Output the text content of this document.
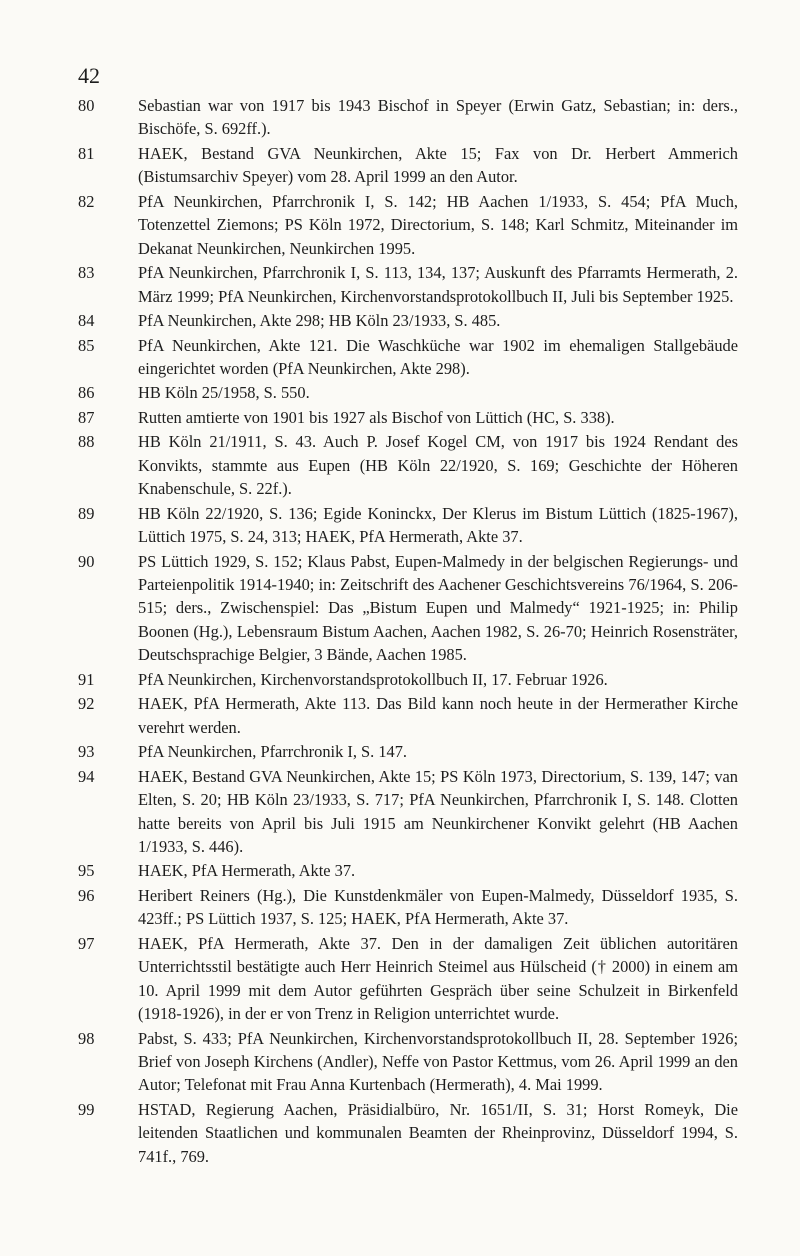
42
80	Sebastian war von 1917 bis 1943 Bischof in Speyer (Erwin Gatz, Sebastian; in: ders., Bischöfe, S. 692ff.).
81	HAEK, Bestand GVA Neunkirchen, Akte 15; Fax von Dr. Herbert Ammerich (Bistumsarchiv Speyer) vom 28. April 1999 an den Autor.
82	PfA Neunkirchen, Pfarrchronik I, S. 142; HB Aachen 1/1933, S. 454; PfA Much, Totenzettel Ziemons; PS Köln 1972, Directorium, S. 148; Karl Schmitz, Miteinander im Dekanat Neunkirchen, Neunkirchen 1995.
83	PfA Neunkirchen, Pfarrchronik I, S. 113, 134, 137; Auskunft des Pfarramts Hermerath, 2. März 1999; PfA Neunkirchen, Kirchenvorstandsprotokollbuch II, Juli bis September 1925.
84	PfA Neunkirchen, Akte 298; HB Köln 23/1933, S. 485.
85	PfA Neunkirchen, Akte 121. Die Waschküche war 1902 im ehemaligen Stallgebäude eingerichtet worden (PfA Neunkirchen, Akte 298).
86	HB Köln 25/1958, S. 550.
87	Rutten amtierte von 1901 bis 1927 als Bischof von Lüttich (HC, S. 338).
88	HB Köln 21/1911, S. 43. Auch P. Josef Kogel CM, von 1917 bis 1924 Rendant des Konvikts, stammte aus Eupen (HB Köln 22/1920, S. 169; Geschichte der Höheren Knabenschule, S. 22f.).
89	HB Köln 22/1920, S. 136; Egide Koninckx, Der Klerus im Bistum Lüttich (1825-1967), Lüttich 1975, S. 24, 313; HAEK, PfA Hermerath, Akte 37.
90	PS Lüttich 1929, S. 152; Klaus Pabst, Eupen-Malmedy in der belgischen Regierungs- und Parteienpolitik 1914-1940; in: Zeitschrift des Aachener Geschichtsvereins 76/1964, S. 206-515; ders., Zwischenspiel: Das „Bistum Eupen und Malmedy“ 1921-1925; in: Philip Boonen (Hg.), Lebensraum Bistum Aachen, Aachen 1982, S. 26-70; Heinrich Rosensträter, Deutschsprachige Belgier, 3 Bände, Aachen 1985.
91	PfA Neunkirchen, Kirchenvorstandsprotokollbuch II, 17. Februar 1926.
92	HAEK, PfA Hermerath, Akte 113. Das Bild kann noch heute in der Hermerather Kirche verehrt werden.
93	PfA Neunkirchen, Pfarrchronik I, S. 147.
94	HAEK, Bestand GVA Neunkirchen, Akte 15; PS Köln 1973, Directorium, S. 139, 147; van Elten, S. 20; HB Köln 23/1933, S. 717; PfA Neunkirchen, Pfarrchronik I, S. 148. Clotten hatte bereits von April bis Juli 1915 am Neunkirchener Konvikt gelehrt (HB Aachen 1/1933, S. 446).
95	HAEK, PfA Hermerath, Akte 37.
96	Heribert Reiners (Hg.), Die Kunstdenkmäler von Eupen-Malmedy, Düsseldorf 1935, S. 423ff.; PS Lüttich 1937, S. 125; HAEK, PfA Hermerath, Akte 37.
97	HAEK, PfA Hermerath, Akte 37. Den in der damaligen Zeit üblichen autoritären Unterrichtsstil bestätigte auch Herr Heinrich Steimel aus Hülscheid († 2000) in einem am 10. April 1999 mit dem Autor geführten Gespräch über seine Schulzeit in Birkenfeld (1918-1926), in der er von Trenz in Religion unterrichtet wurde.
98	Pabst, S. 433; PfA Neunkirchen, Kirchenvorstandsprotokollbuch II, 28. September 1926; Brief von Joseph Kirchens (Andler), Neffe von Pastor Kettmus, vom 26. April 1999 an den Autor; Telefonat mit Frau Anna Kurtenbach (Hermerath), 4. Mai 1999.
99	HSTAD, Regierung Aachen, Präsidialbüro, Nr. 1651/II, S. 31; Horst Romeyk, Die leitenden Staatlichen und kommunalen Beamten der Rheinprovinz, Düsseldorf 1994, S. 741f., 769.
